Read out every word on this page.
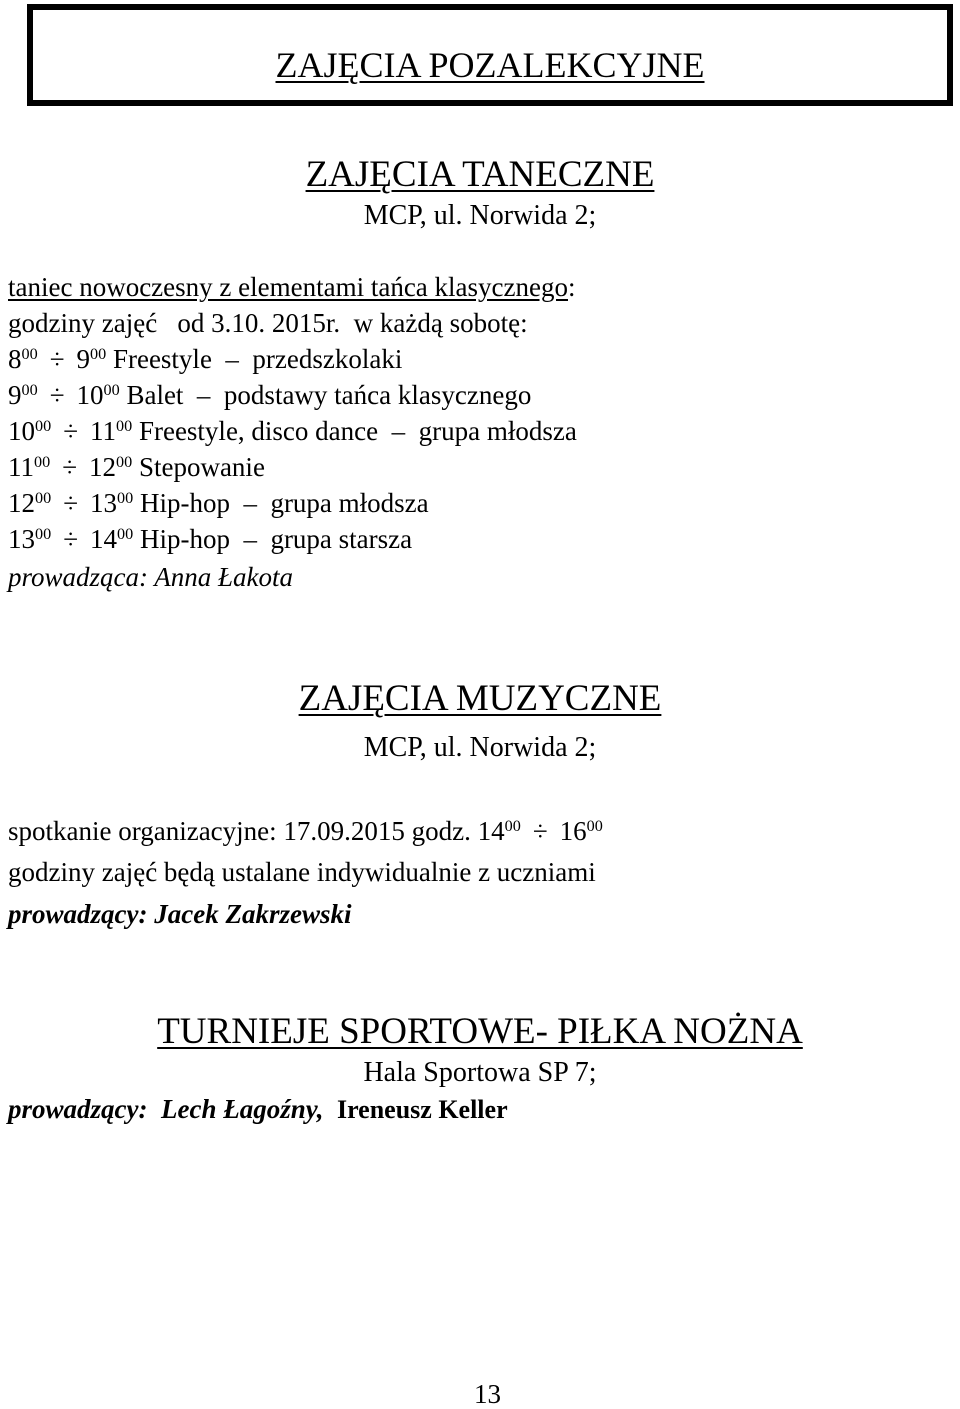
ZAJĘCIA POZALEKCYJNE
ZAJĘCIA TANECZNE
MCP, ul. Norwida 2;
taniec nowoczesny z elementami tańca klasycznego:
godziny zajęć   od 3.10. 2015r.  w każdą sobotę:
$8^{00} \div 9^{00}$ Freestyle  –  przedszkolaki
$9^{00} \div 10^{00}$ Balet  –  podstawy tańca klasycznego
$10^{00} \div 11^{00}$ Freestyle, disco dance  –  grupa młodsza
$11^{00} \div 12^{00}$ Stepowanie
$12^{00} \div 13^{00}$ Hip-hop  –  grupa młodsza
$13^{00} \div 14^{00}$ Hip-hop  –  grupa starsza
prowadząca: Anna Łakota
ZAJĘCIA MUZYCZNE
MCP, ul. Norwida 2;
spotkanie organizacyjne: 17.09.2015 godz. $14^{00} \div 16^{00}$
godziny zajęć będą ustalane indywidualnie z uczniami
prowadzący: Jacek Zakrzewski
TURNIEJE SPORTOWE- PIŁKA NOŻNA
Hala Sportowa SP 7;
prowadzący:  Lech Łagoźny, Ireneusz Keller
13
